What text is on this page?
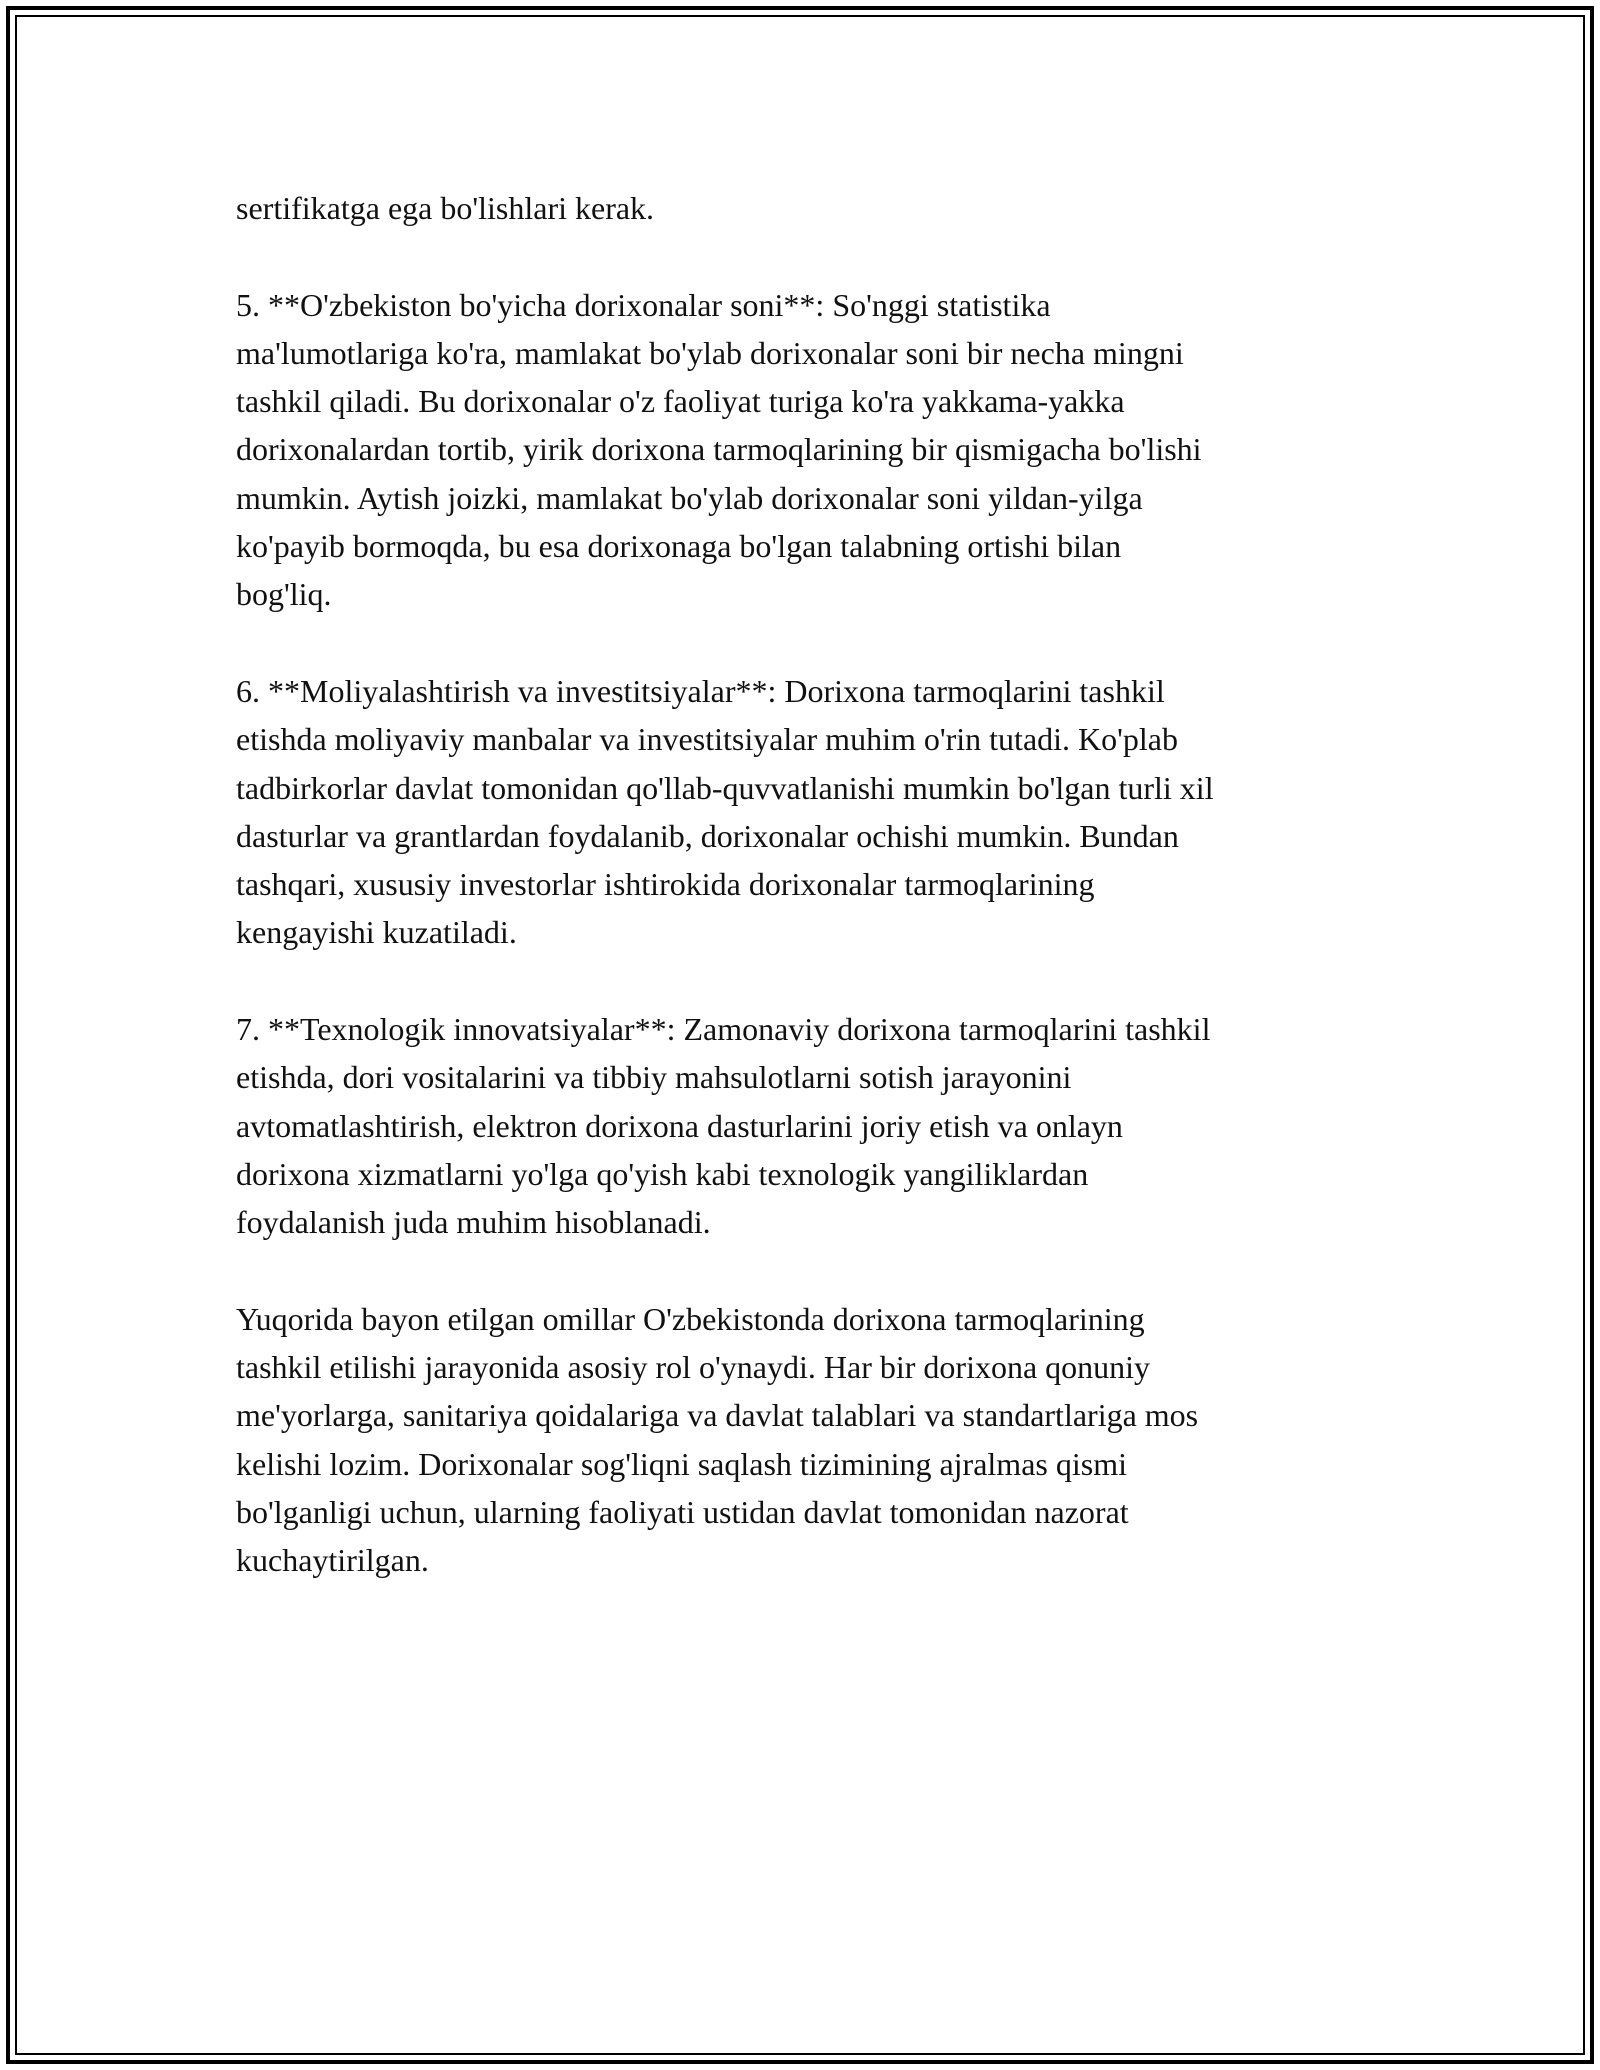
sertifikatga ega bo'lishlari kerak.

5. **O'zbekiston bo'yicha dorixonalar soni**: So'nggi statistika
ma'lumotlariga ko'ra, mamlakat bo'ylab dorixonalar soni bir necha mingni
tashkil qiladi. Bu dorixonalar o'z faoliyat turiga ko'ra yakkama-yakka
dorixonalardan tortib, yirik dorixona tarmoqlarining bir qismigacha bo'lishi
mumkin. Aytish joizki, mamlakat bo'ylab dorixonalar soni yildan-yilga
ko'payib bormoqda, bu esa dorixonaga bo'lgan talabning ortishi bilan
bog'liq.

6. **Moliyalashtirish va investitsiyalar**: Dorixona tarmoqlarini tashkil
etishda moliyaviy manbalar va investitsiyalar muhim o'rin tutadi. Ko'plab
tadbirkorlar davlat tomonidan qo'llab-quvvatlanishi mumkin bo'lgan turli xil
dasturlar va grantlardan foydalanib, dorixonalar ochishi mumkin. Bundan
tashqari, xususiy investorlar ishtirokida dorixonalar tarmoqlarining
kengayishi kuzatiladi.

7. **Texnologik innovatsiyalar**: Zamonaviy dorixona tarmoqlarini tashkil
etishda, dori vositalarini va tibbiy mahsulotlarni sotish jarayonini
avtomatlashtirish, elektron dorixona dasturlarini joriy etish va onlayn
dorixona xizmatlarni yo'lga qo'yish kabi texnologik yangiliklardan
foydalanish juda muhim hisoblanadi.

Yuqorida bayon etilgan omillar O'zbekistonda dorixona tarmoqlarining
tashkil etilishi jarayonida asosiy rol o'ynaydi. Har bir dorixona qonuniy
me'yorlarga, sanitariya qoidalariga va davlat talablari va standartlariga mos
kelishi lozim. Dorixonalar sog'liqni saqlash tizimining ajralmas qismi
bo'lganligi uchun, ularning faoliyati ustidan davlat tomonidan nazorat
kuchaytirilgan.
